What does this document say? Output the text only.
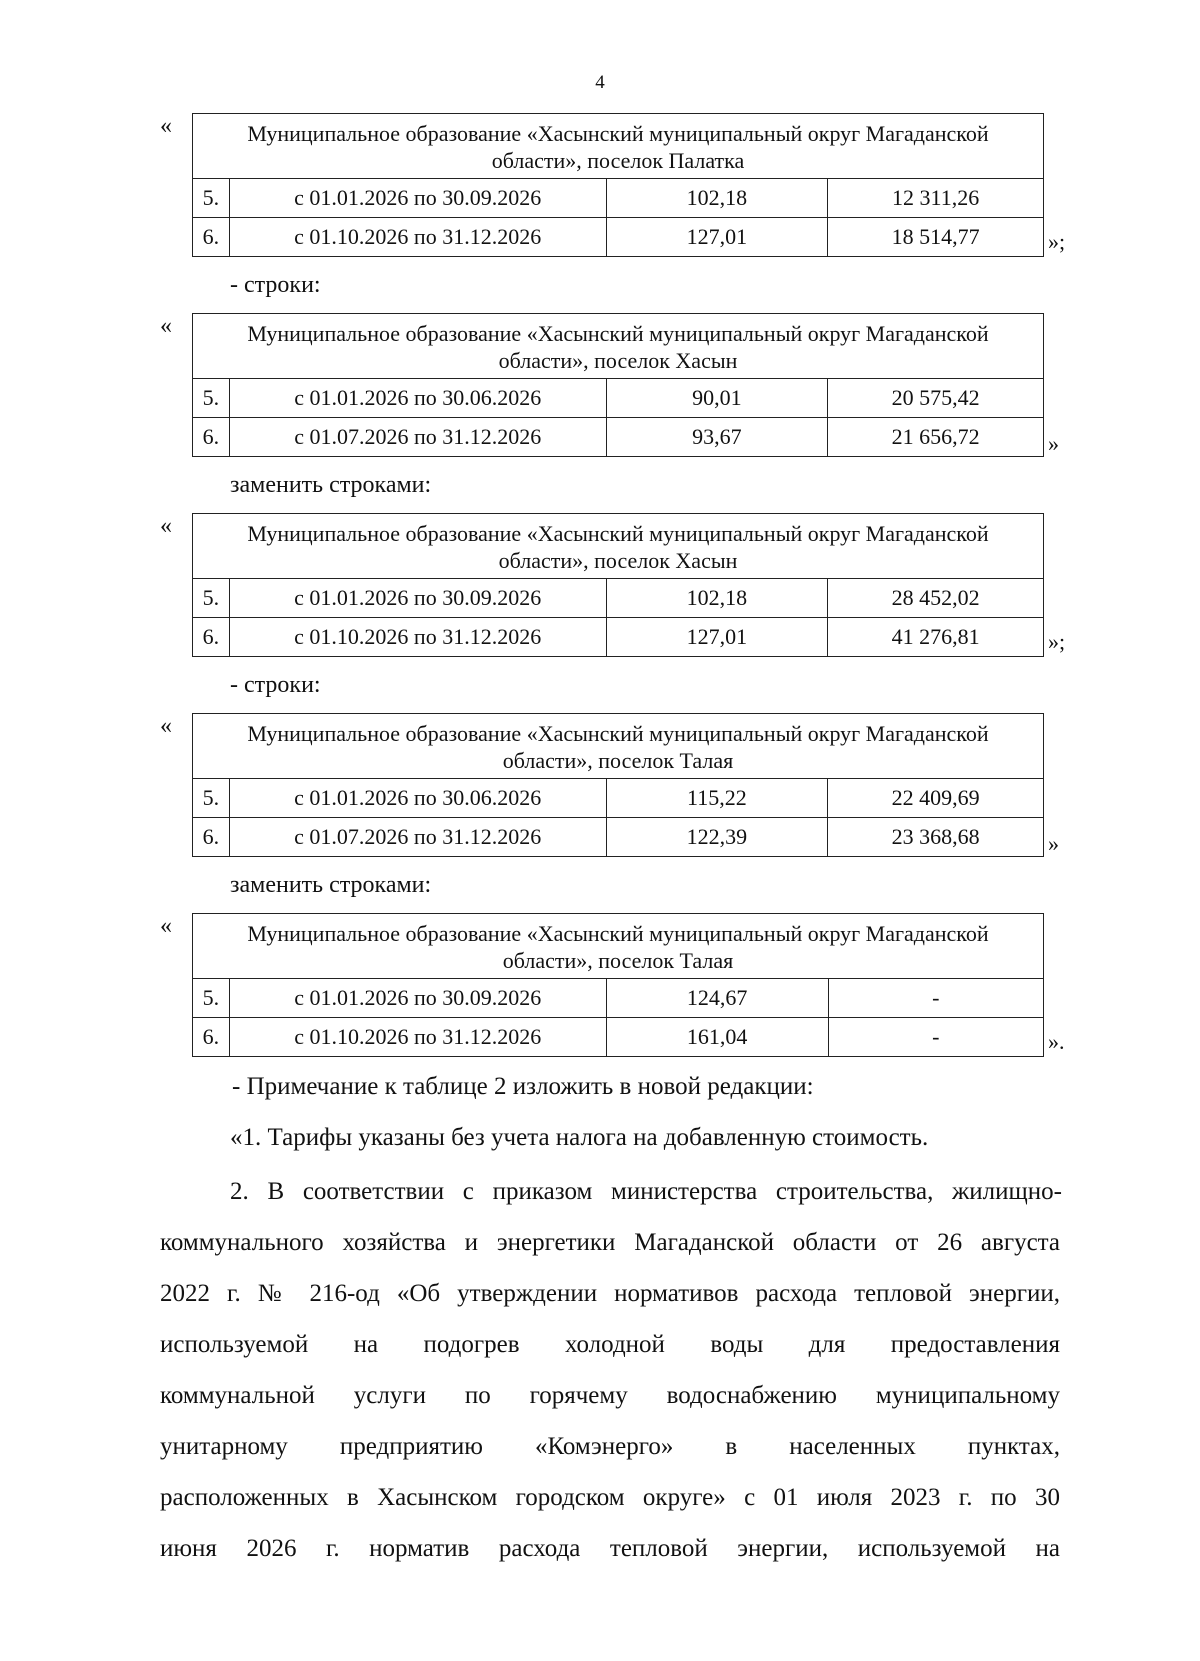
4
«	Муниципальное образование «Хасынский муниципальный округ Магаданской области», поселок Палатка			
5.	с 01.01.2026 по 30.09.2026	102,18	12 311,26
6.	с 01.10.2026 по 31.12.2026	127,01	18 514,77	»;
- строки:
«	Муниципальное образование «Хасынский муниципальный округ Магаданской области», поселок Хасын			
5.	с 01.01.2026 по 30.06.2026	90,01	20 575,42
6.	с 01.07.2026 по 31.12.2026	93,67	21 656,72	»
заменить строками:
«	Муниципальное образование «Хасынский муниципальный округ Магаданской области», поселок Хасын			
5.	с 01.01.2026 по 30.09.2026	102,18	28 452,02
6.	с 01.10.2026 по 31.12.2026	127,01	41 276,81	»;
- строки:
«	Муниципальное образование «Хасынский муниципальный округ Магаданской области», поселок Талая			
5.	с 01.01.2026 по 30.06.2026	115,22	22 409,69
6.	с 01.07.2026 по 31.12.2026	122,39	23 368,68	»
заменить строками:
«	Муниципальное образование «Хасынский муниципальный округ Магаданской области», поселок Талая			
5.	с 01.01.2026 по 30.09.2026	124,67	-
6.	с 01.10.2026 по 31.12.2026	161,04	-	».
- Примечание к таблице 2 изложить в новой редакции:
«1. Тарифы указаны без учета налога на добавленную стоимость.
2. В соответствии с приказом министерства строительства, жилищно-
коммунального хозяйства и энергетики Магаданской области от 26 августа
2022 г. № 216-од «Об утверждении нормативов расхода тепловой энергии,
используемой на подогрев холодной воды для предоставления
коммунальной услуги по горячему водоснабжению муниципальному
унитарному предприятию «Комэнерго» в населенных пунктах,
расположенных в Хасынском городском округе» с 01 июля 2023 г. по 30
июня 2026 г. норматив расхода тепловой энергии, используемой на
